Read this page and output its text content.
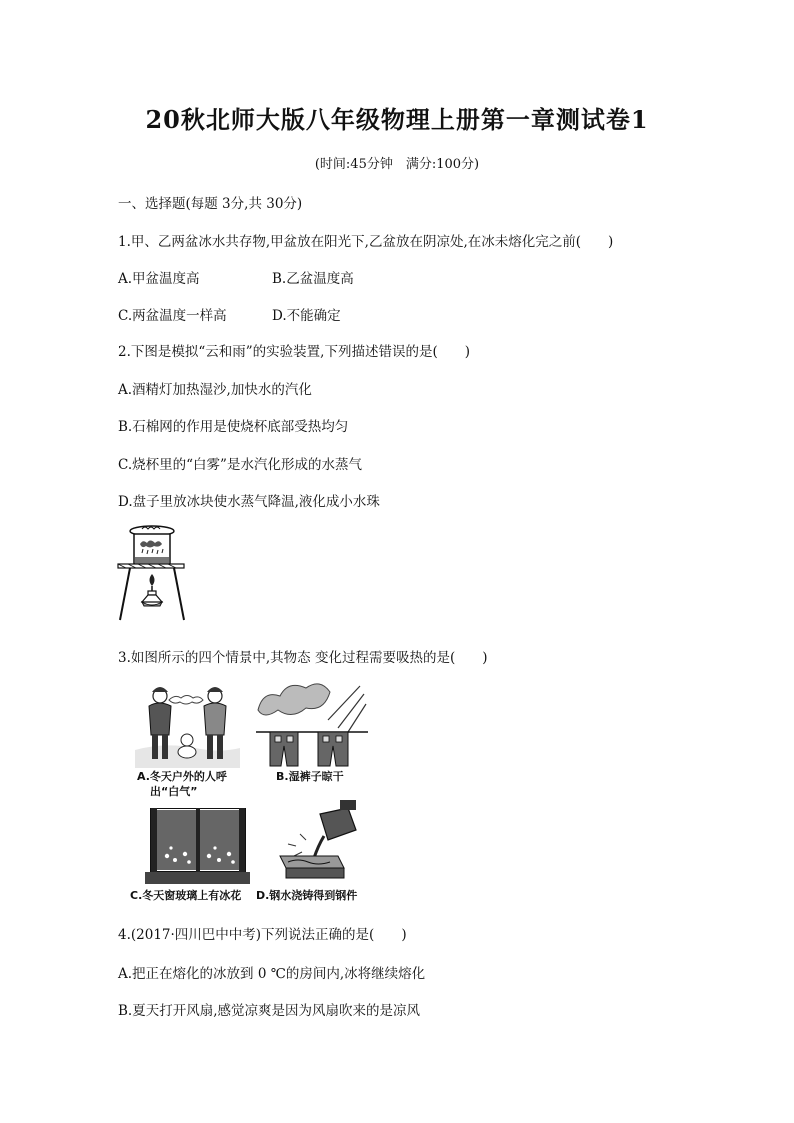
20秋北师大版八年级物理上册第一章测试卷1
(时间:45分钟　满分:100分)
一、选择题(每题 3分,共 30分)
1.甲、乙两盆冰水共存物,甲盆放在阳光下,乙盆放在阴凉处,在冰未熔化完之前(　　)
A.甲盆温度高	B.乙盆温度高
C.两盆温度一样高	D.不能确定
2.下图是模拟“云和雨”的实验装置,下列描述错误的是(　　)
A.酒精灯加热湿沙,加快水的汽化
B.石棉网的作用是使烧杯底部受热均匀
C.烧杯里的“白雾”是水汽化形成的水蒸气
D.盘子里放冰块使水蒸气降温,液化成小水珠
3.如图所示的四个情景中,其物态 变化过程需要吸热的是(　　)
A.冬天户外的人呼
出“白气”
B.湿裤子晾干
C.冬天窗玻璃上有冰花 D.钢水浇铸得到钢件
4.(2017·四川巴中中考)下列说法正确的是(　　)
A.把正在熔化的冰放到 0 ℃的房间内,冰将继续熔化
B.夏天打开风扇,感觉凉爽是因为风扇吹来的是凉风
